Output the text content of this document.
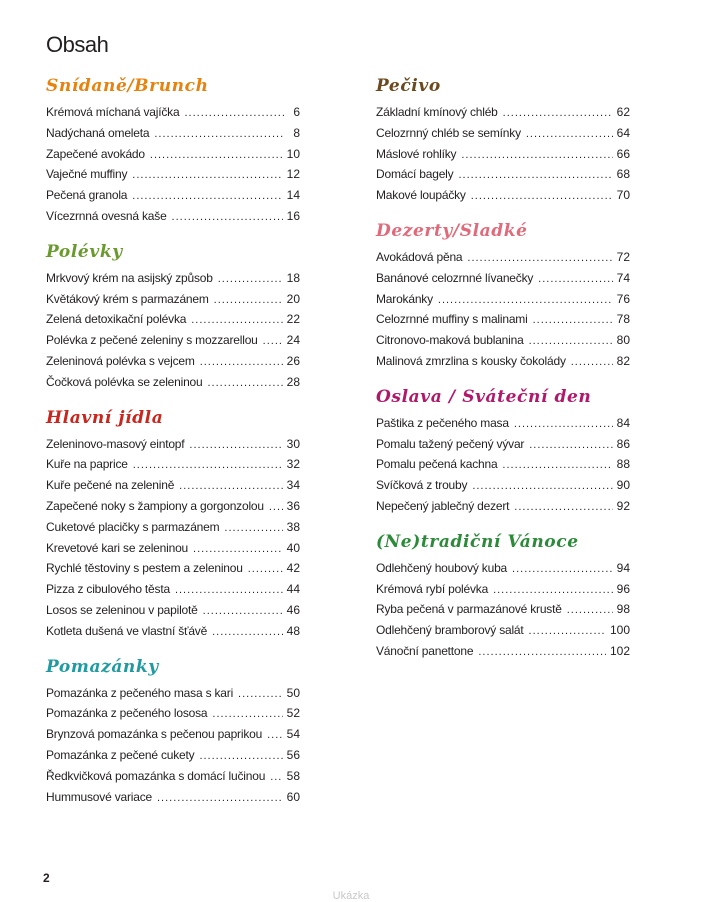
Obsah
Snídaně/Brunch
Krémová míchaná vajíčka .....	6
Nadýchaná omeleta .....	8
Zapečené avokádo .....	10
Vaječné muffiny .....	12
Pečená granola .....	14
Vícezrnná ovesná kaše .....	16
Polévky
Mrkvový krém na asijský způsob .....	18
Květákový krém s parmazánem .....	20
Zelená detoxikační polévka .....	22
Polévka z pečené zeleniny s mozzarellou ..... 24
Zeleninová polévka s vejcem .....	26
Čočková polévka se zeleninou .....	28
Hlavní jídla
Zeleninovo-masový eintopf .....	30
Kuře na paprice .....	32
Kuře pečené na zelenině .....	34
Zapečené noky s žampiony a gorgonzolou ..... 36
Cuketové placičky s parmazánem .....	38
Krevetové kari se zeleninou .....	40
Rychlé těstoviny s pestem a zeleninou .....	42
Pizza z cibulového těsta .....	44
Losos se zeleninou v papilotě .....	46
Kotleta dušená ve vlastní šťávě .....	48
Pomazánky
Pomazánka z pečeného masa s kari .....	50
Pomazánka z pečeného lososa .....	52
Brynzová pomazánka s pečenou paprikou ..... 54
Pomazánka z pečené cukety .....	56
Ředkvičková pomazánka s domácí lučinou ..... 58
Hummusové variace .....	60
Pečivo
Základní kmínový chléb .....	62
Celozrnný chléb se semínky .....	64
Máslové rohlíky .....	66
Domácí bagely .....	68
Makové loupáčky .....	70
Dezerty/Sladké
Avokádová pěna .....	72
Banánové celozrnné lívanečky .....	74
Marokánky .....	76
Celozrnné muffiny s malinami .....	78
Citronovo-maková bublanina .....	80
Malinová zmrzlina s kousky čokolády .....	82
Oslava / Sváteční den
Paštika z pečeného masa .....	84
Pomalu tažený pečený vývar .....	86
Pomalu pečená kachna .....	88
Svíčková z trouby .....	90
Nepečený jablečný dezert .....	92
(Ne)tradiční Vánoce
Odlehčený houbový kuba .....	94
Krémová rybí polévka .....	96
Ryba pečená v parmazánové krustě .....	98
Odlehčený bramborový salát .....	100
Vánoční panettone .....	102
2
Ukázka
